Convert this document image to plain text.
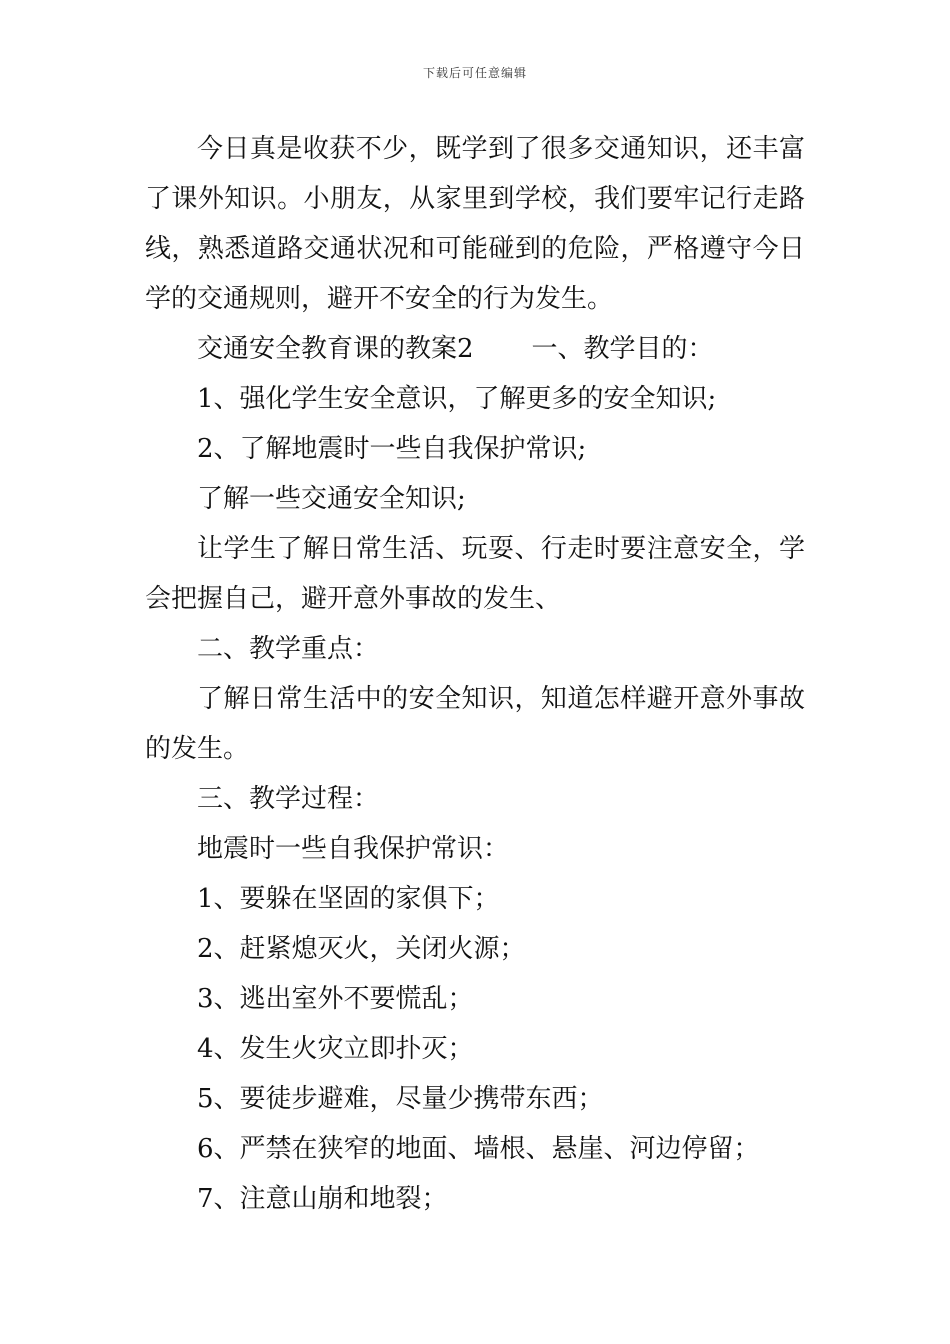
下载后可任意编辑

今日真是收获不少，既学到了很多交通知识，还丰富了课外知识。小朋友，从家里到学校，我们要牢记行走路线，熟悉道路交通状况和可能碰到的危险，严格遵守今日学的交通规则，避开不安全的行为发生。

交通安全教育课的教案2 一、教学目的：

1、强化学生安全意识，了解更多的安全知识;

2、了解地震时一些自我保护常识;

了解一些交通安全知识;

让学生了解日常生活、玩耍、行走时要注意安全，学会把握自己，避开意外事故的发生、

二、教学重点：

了解日常生活中的安全知识，知道怎样避开意外事故的发生。

三、教学过程：

地震时一些自我保护常识：

1、要躲在坚固的家俱下；

2、赶紧熄灭火，关闭火源；

3、逃出室外不要慌乱；

4、发生火灾立即扑灭；

5、要徒步避难，尽量少携带东西；

6、严禁在狭窄的地面、墙根、悬崖、河边停留；

7、注意山崩和地裂；
